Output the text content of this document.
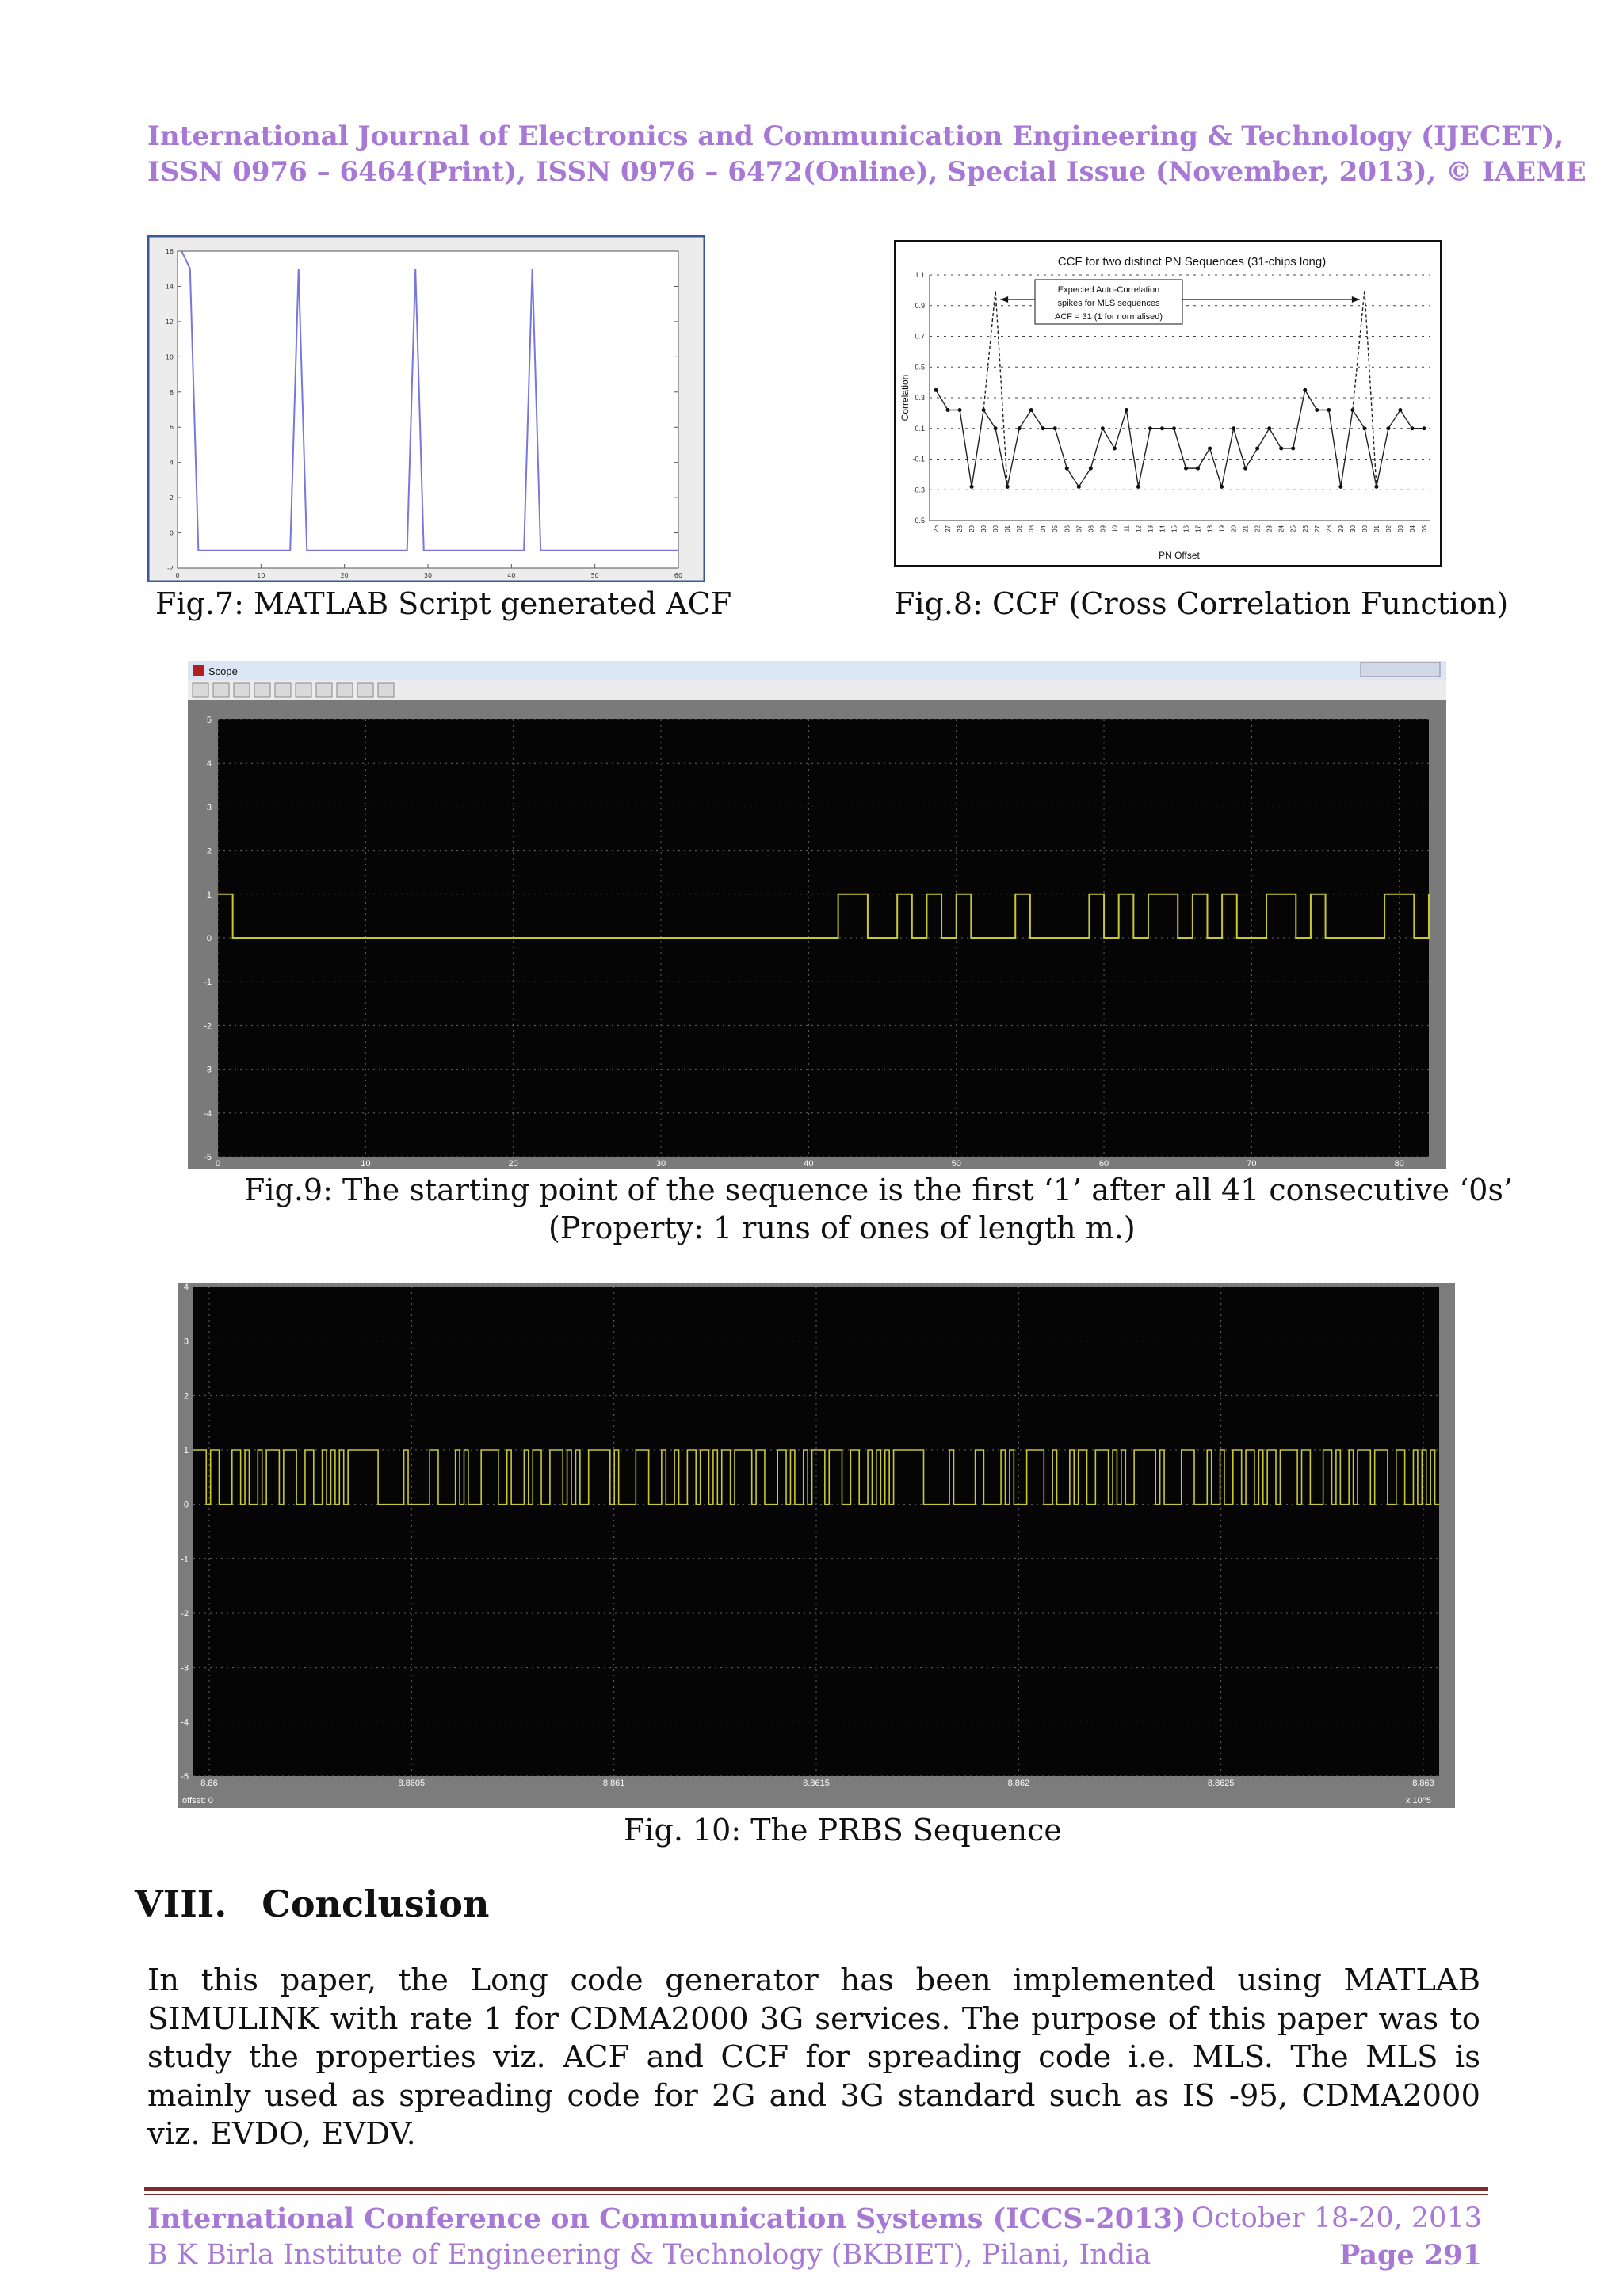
International Journal of Electronics and Communication Engineering & Technology (IJECET),
ISSN 0976 – 6464(Print), ISSN 0976 – 6472(Online), Special Issue (November, 2013), © IAEME
-2
0
2
4
6
8
10
12
14
16
0	10	20	30	40	50	60
Fig.7: MATLAB Script generated ACF
CCF for two distinct PN Sequences (31-chips long)
-0.5
-0.3
-0.1
0.1
0.3
0.5
0.7
0.9
1.1
26 27 28 29 30 00 01 02 03 04 05 06 07 08 09 10 11 12 13 14 15 16 17 18 19 20 21 22 23 24 25 26 27 28 29 30 00 01 02 03 04 05
PN Offset
Correlation
Expected Auto-Correlation
spikes for MLS sequences
ACF = 31 (1 for normalised)
Fig.8: CCF (Cross Correlation Function)
Scope
-5
-4
-3
-2
-1
0
1
2
3
4
5
0	10	20	30	40	50	60	70	80
Fig.9: The starting point of the sequence is the first ‘1’ after all 41 consecutive ‘0s’
(Property: 1 runs of ones of length m.)
-5
-4
-3
-2
-1
0
1
2
3
4
8.86	8.8605	8.861	8.8615	8.862	8.8625	8.863
offset: 0	x 10^5
Fig. 10: The PRBS Sequence
VIII. Conclusion
In this paper, the Long code generator has been implemented using MATLAB SIMULINK with rate 1 for CDMA2000 3G services. The purpose of this paper was to study the properties viz. ACF and CCF for spreading code i.e. MLS. The MLS is mainly used as spreading code for 2G and 3G standard such as IS -95, CDMA2000 viz. EVDO, EVDV.
International Conference on Communication Systems (ICCS-2013)
B K Birla Institute of Engineering & Technology (BKBIET), Pilani, India
October 18-20, 2013
Page 291
